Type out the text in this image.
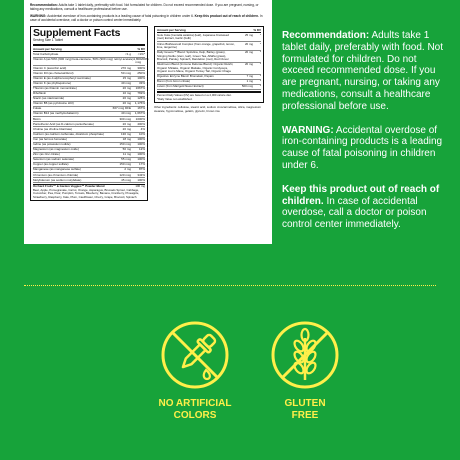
Recommendation: Adults take 1 tablet daily, preferably with food. Not formulated for children. Do not exceed recommended dose. If you are pregnant, nursing, or taking any medications, consult a healthcare professional before use.

WARNING: Accidental overdose of iron-containing products is a leading cause of fatal poisoning in children under 6. Keep this product out of reach of children. In case of accidental overdose, call a doctor or poison control center immediately.

Supplement Facts
Serving Size 1 Tablet
Amount per Serving	% DV
Total Carbohydrate	<1 g	<1%*
Vitamin A (as 50% (900 mcg) beta-carotene, 50% (900 mcg) retinyl acetate) 1,800 mcg
200%
Vitamin C (ascorbic acid)	270 mg	300%
Vitamin D3 (as cholecalciferol)	50 mcg	250%
Vitamin E (as d-alpha tocopheryl succinate)	15 mg	100%
Vitamin K (as phylloquinone)	40 mcg	33%
Thiamin (as thiamin mononitrate)	20 mg	1667%
Riboflavin	10 mg	769%
Niacin (as niacinamide)	20 mg	125%
Vitamin B6 (as pyridoxine HCl)	20 mg	1,176%
Folate	667 mcg DFE	167%
Vitamin B12 (as methylcobalamin)	40 mcg	1,667%
Biotin	300 mcg	1000%
Pantothenic Acid (as D-calcium pantothenate)	20 mg	400%
Choline (as choline bitartrate)	20 mg	4%
Calcium (as calcium carbonate, dicalcium phosphate)	130 mg	10%
Iron (as ferrous fumarate)	18 mg	100%
Iodine (as potassium iodide)	150 mcg	100%
Magnesium (as magnesium oxide)	50 mg	12%
Zinc (as zinc citrate)	11 mg	100%
Selenium (as sodium selenate)	55 mcg	100%
Copper (as copper sulfate)	150 mcg	17%
Manganese (as manganese sulfate)	2 mg	87%
Chromium (as chromium chloride)	120 mcg	343%
Molybdenum (as sodium molybdate)	45 mcg	100%
Orchard Fruits™ & Garden Veggies™ Powder Blend	100 mg
Beet, Apple, Pomegranate, Carrot, Orange, Asparagus, Brussels Sprout, Cabbage, Cucumber, Pea, Pear, Pumpkin, Tomato, Blueberry, Banana, Cranberry, Pineapple, Strawberry, Raspberry, Kale, Plum, Cauliflower, Cherry, Grape, Broccoli, Spinach
Amount per Serving	% DV
Gotu Kola (Centella asiatica) (leaf), Japanese Knotweed (root) Extract, Garlic (bulb)
25 mg	*
Citrus Bioflavonoid Complex (from orange, grapefruit, lemon, lime, tangerine)
20 mg	*
Daily Greens™ Blend: Spirulina, Kelp, Barley (grass), Stinging Nettle (stem, leaf), Green Tea, Alfalfa (grass), Broccoli, Parsley, Spinach, Dandelion (root), Red Clover
20 mg	*
Mushroom Blend (Immune Defense Blend): Organic Reishi, Organic Shiitake, Organic Maitake, Organic Cordyceps, Organic Lion's Mane, Organic Turkey Tail, Organic Chaga
20 mg	*
Digestive Enzyme Blend: Bromelain, Papain	7 mg	*
Boron (from boron citrate)	1 mg	*
Lutein (from Marigold flower Extract)	500 mcg	*
Percent Daily Values (DV) are based on a 2,000 calorie diet.
*Daily Value not established.
Other ingredients: cellulose, stearic acid, sodium croscarmellose, silica, magnesium stearate, hypromellose, gelatin, glycerin, brown rice

Recommendation: Adults take 1 tablet daily, preferably with food. Not formulated for children. Do not exceed recommended dose. If you are pregnant, nursing, or taking any medications, consult a healthcare professional before use.

WARNING: Accidental overdose of iron-containing products is a leading cause of fatal poisoning in children under 6.

Keep this product out of reach of children. In case of accidental overdose, call a doctor or poison control center immediately.

NO ARTIFICIAL
COLORS
GLUTEN
FREE
